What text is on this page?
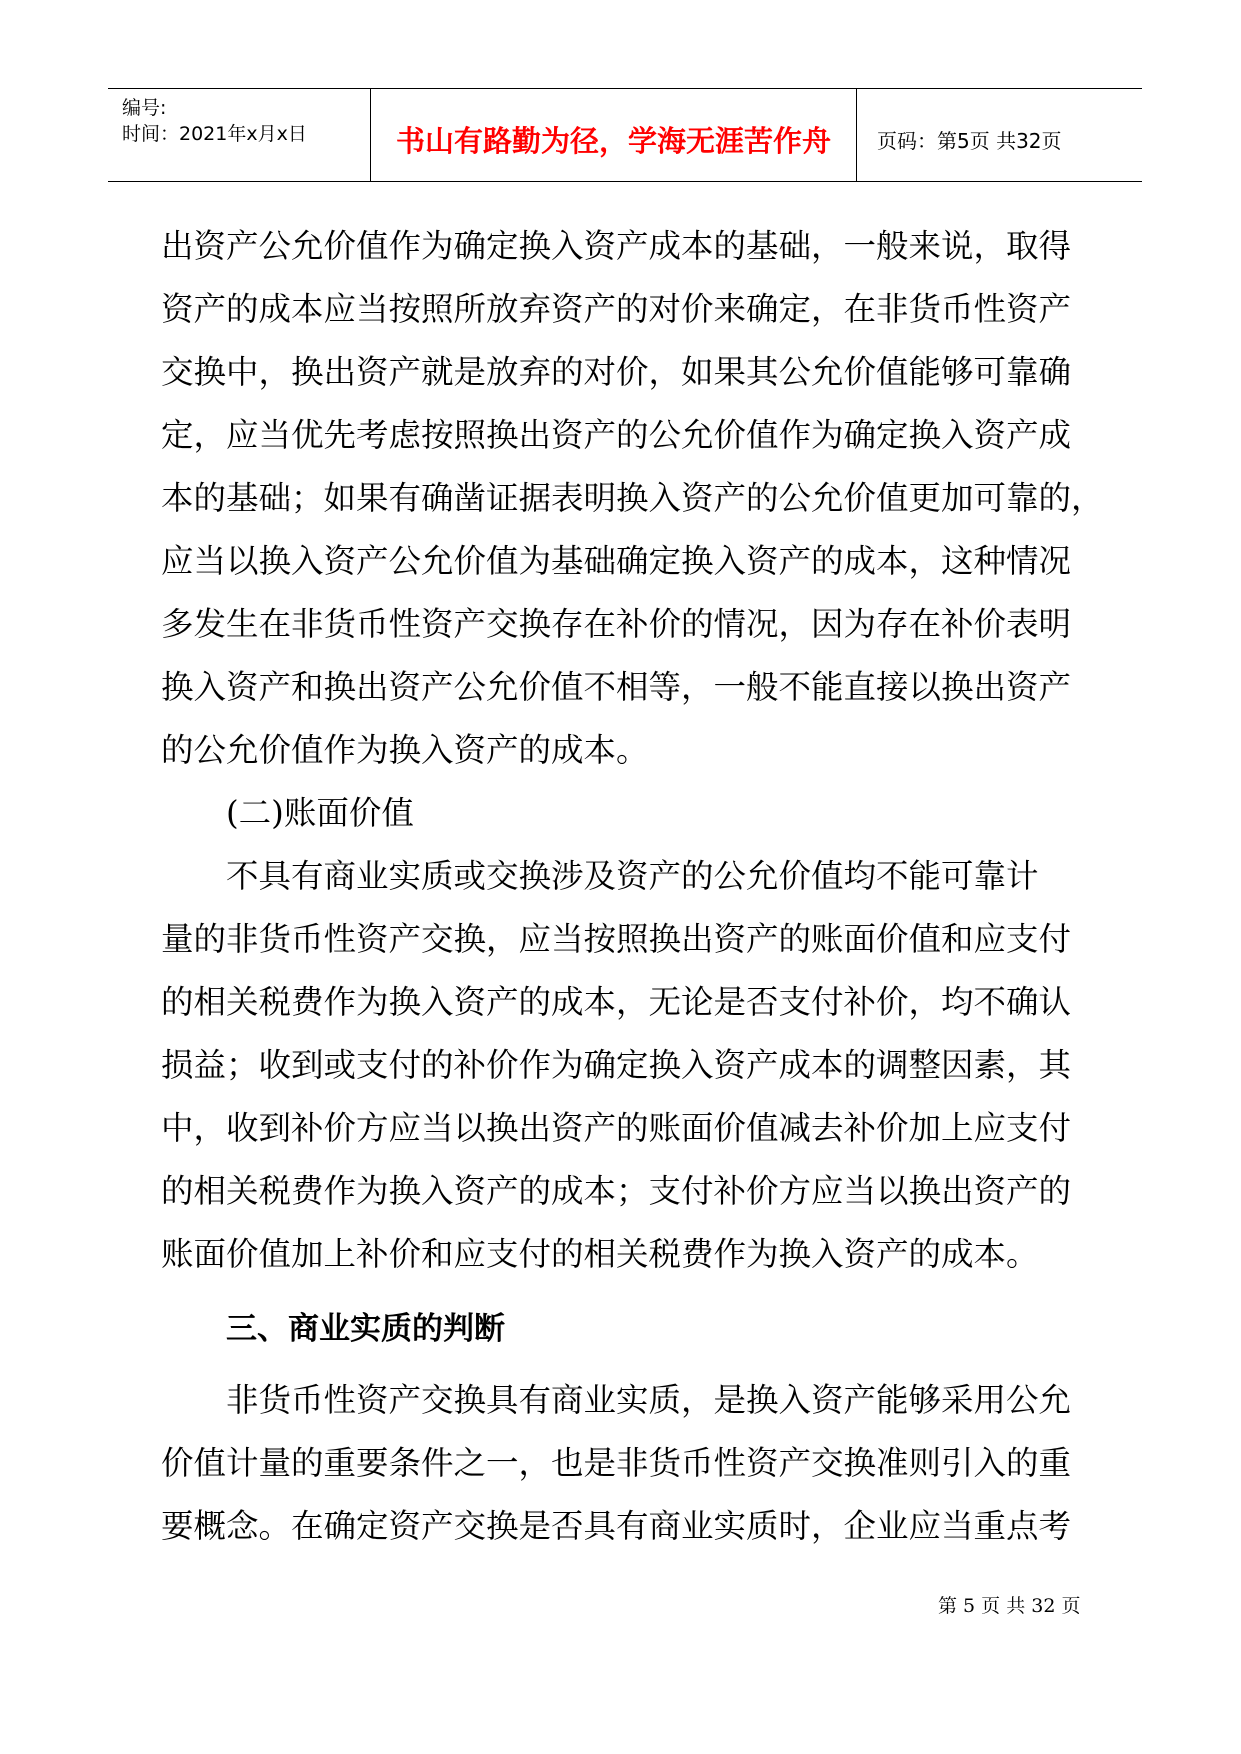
编号:
时间：2021年x月x日	书山有路勤为径，学海无涯苦作舟	页码：第5页 共32页
出资产公允价值作为确定换入资产成本的基础，一般来说，取得
资产的成本应当按照所放弃资产的对价来确定，在非货币性资产
交换中，换出资产就是放弃的对价，如果其公允价值能够可靠确
定，应当优先考虑按照换出资产的公允价值作为确定换入资产成
本的基础；如果有确凿证据表明换入资产的公允价值更加可靠的，
应当以换入资产公允价值为基础确定换入资产的成本，这种情况
多发生在非货币性资产交换存在补价的情况，因为存在补价表明
换入资产和换出资产公允价值不相等，一般不能直接以换出资产
的公允价值作为换入资产的成本。
(二)账面价值
不具有商业实质或交换涉及资产的公允价值均不能可靠计
量的非货币性资产交换，应当按照换出资产的账面价值和应支付
的相关税费作为换入资产的成本，无论是否支付补价，均不确认
损益；收到或支付的补价作为确定换入资产成本的调整因素，其
中，收到补价方应当以换出资产的账面价值减去补价加上应支付
的相关税费作为换入资产的成本；支付补价方应当以换出资产的
账面价值加上补价和应支付的相关税费作为换入资产的成本。
三、商业实质的判断
非货币性资产交换具有商业实质，是换入资产能够采用公允
价值计量的重要条件之一，也是非货币性资产交换准则引入的重
要概念。在确定资产交换是否具有商业实质时，企业应当重点考
第 5 页 共 32 页
